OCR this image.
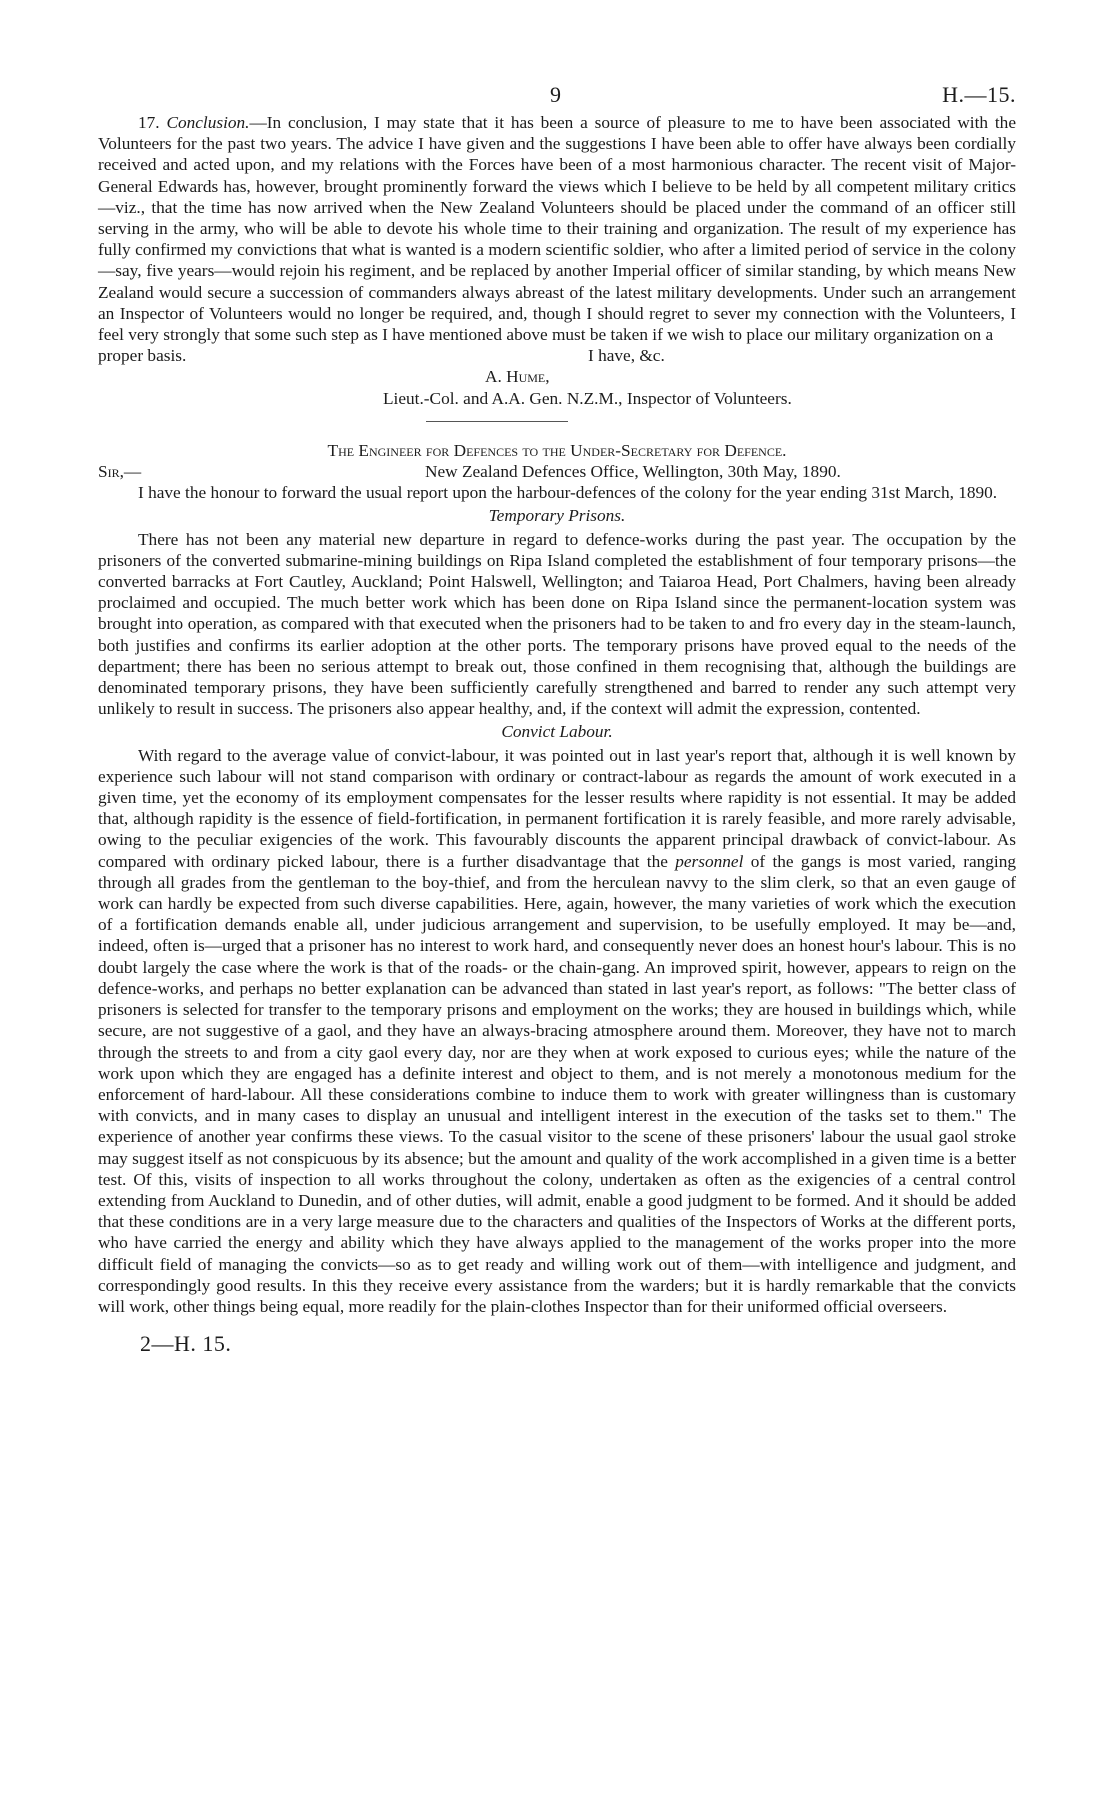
9	H.—15.

17. Conclusion.—In conclusion, I may state that it has been a source of pleasure to me to have been associated with the Volunteers for the past two years. The advice I have given and the suggestions I have been able to offer have always been cordially received and acted upon, and my relations with the Forces have been of a most harmonious character. The recent visit of Major-General Edwards has, however, brought prominently forward the views which I believe to be held by all competent military critics—viz., that the time has now arrived when the New Zealand Volunteers should be placed under the command of an officer still serving in the army, who will be able to devote his whole time to their training and organization. The result of my experience has fully confirmed my convictions that what is wanted is a modern scientific soldier, who after a limited period of service in the colony—say, five years—would rejoin his regiment, and be replaced by another Imperial officer of similar standing, by which means New Zealand would secure a succession of commanders always abreast of the latest military developments. Under such an arrangement an Inspector of Volunteers would no longer be required, and, though I should regret to sever my connection with the Volunteers, I feel very strongly that some such step as I have mentioned above must be taken if we wish to place our military organization on a

proper basis.	I have, &c.
A. Hume,
Lieut.-Col. and A.A. Gen. N.Z.M., Inspector of Volunteers.
The Engineer for Defences to the Under-Secretary for Defence.
Sir,—	New Zealand Defences Office, Wellington, 30th May, 1890.

I have the honour to forward the usual report upon the harbour-defences of the colony for the year ending 31st March, 1890.

Temporary Prisons.

There has not been any material new departure in regard to defence-works during the past year. The occupation by the prisoners of the converted submarine-mining buildings on Ripa Island completed the establishment of four temporary prisons—the converted barracks at Fort Cautley, Auckland; Point Halswell, Wellington; and Taiaroa Head, Port Chalmers, having been already proclaimed and occupied. The much better work which has been done on Ripa Island since the permanent-location system was brought into operation, as compared with that executed when the prisoners had to be taken to and fro every day in the steam-launch, both justifies and confirms its earlier adoption at the other ports. The temporary prisons have proved equal to the needs of the department; there has been no serious attempt to break out, those confined in them recognising that, although the buildings are denominated temporary prisons, they have been sufficiently carefully strengthened and barred to render any such attempt very unlikely to result in success. The prisoners also appear healthy, and, if the context will admit the expression, contented.

Convict Labour.

With regard to the average value of convict-labour, it was pointed out in last year's report that, although it is well known by experience such labour will not stand comparison with ordinary or contract-labour as regards the amount of work executed in a given time, yet the economy of its employment compensates for the lesser results where rapidity is not essential. It may be added that, although rapidity is the essence of field-fortification, in permanent fortification it is rarely feasible, and more rarely advisable, owing to the peculiar exigencies of the work. This favourably discounts the apparent principal drawback of convict-labour. As compared with ordinary picked labour, there is a further disadvantage that the personnel of the gangs is most varied, ranging through all grades from the gentleman to the boy-thief, and from the herculean navvy to the slim clerk, so that an even gauge of work can hardly be expected from such diverse capabilities. Here, again, however, the many varieties of work which the execution of a fortification demands enable all, under judicious arrangement and supervision, to be usefully employed. It may be—and, indeed, often is—urged that a prisoner has no interest to work hard, and consequently never does an honest hour's labour. This is no doubt largely the case where the work is that of the roads- or the chain-gang. An improved spirit, however, appears to reign on the defence-works, and perhaps no better explanation can be advanced than stated in last year's report, as follows: "The better class of prisoners is selected for transfer to the temporary prisons and employment on the works; they are housed in buildings which, while secure, are not suggestive of a gaol, and they have an always-bracing atmosphere around them. Moreover, they have not to march through the streets to and from a city gaol every day, nor are they when at work exposed to curious eyes; while the nature of the work upon which they are engaged has a definite interest and object to them, and is not merely a monotonous medium for the enforcement of hard-labour. All these considerations combine to induce them to work with greater willingness than is customary with convicts, and in many cases to display an unusual and intelligent interest in the execution of the tasks set to them." The experience of another year confirms these views. To the casual visitor to the scene of these prisoners' labour the usual gaol stroke may suggest itself as not conspicuous by its absence; but the amount and quality of the work accomplished in a given time is a better test. Of this, visits of inspection to all works throughout the colony, undertaken as often as the exigencies of a central control extending from Auckland to Dunedin, and of other duties, will admit, enable a good judgment to be formed. And it should be added that these conditions are in a very large measure due to the characters and qualities of the Inspectors of Works at the different ports, who have carried the energy and ability which they have always applied to the management of the works proper into the more difficult field of managing the convicts—so as to get ready and willing work out of them—with intelligence and judgment, and correspondingly good results. In this they receive every assistance from the warders; but it is hardly remarkable that the convicts will work, other things being equal, more readily for the plain-clothes Inspector than for their uniformed official overseers.

2—H. 15.
